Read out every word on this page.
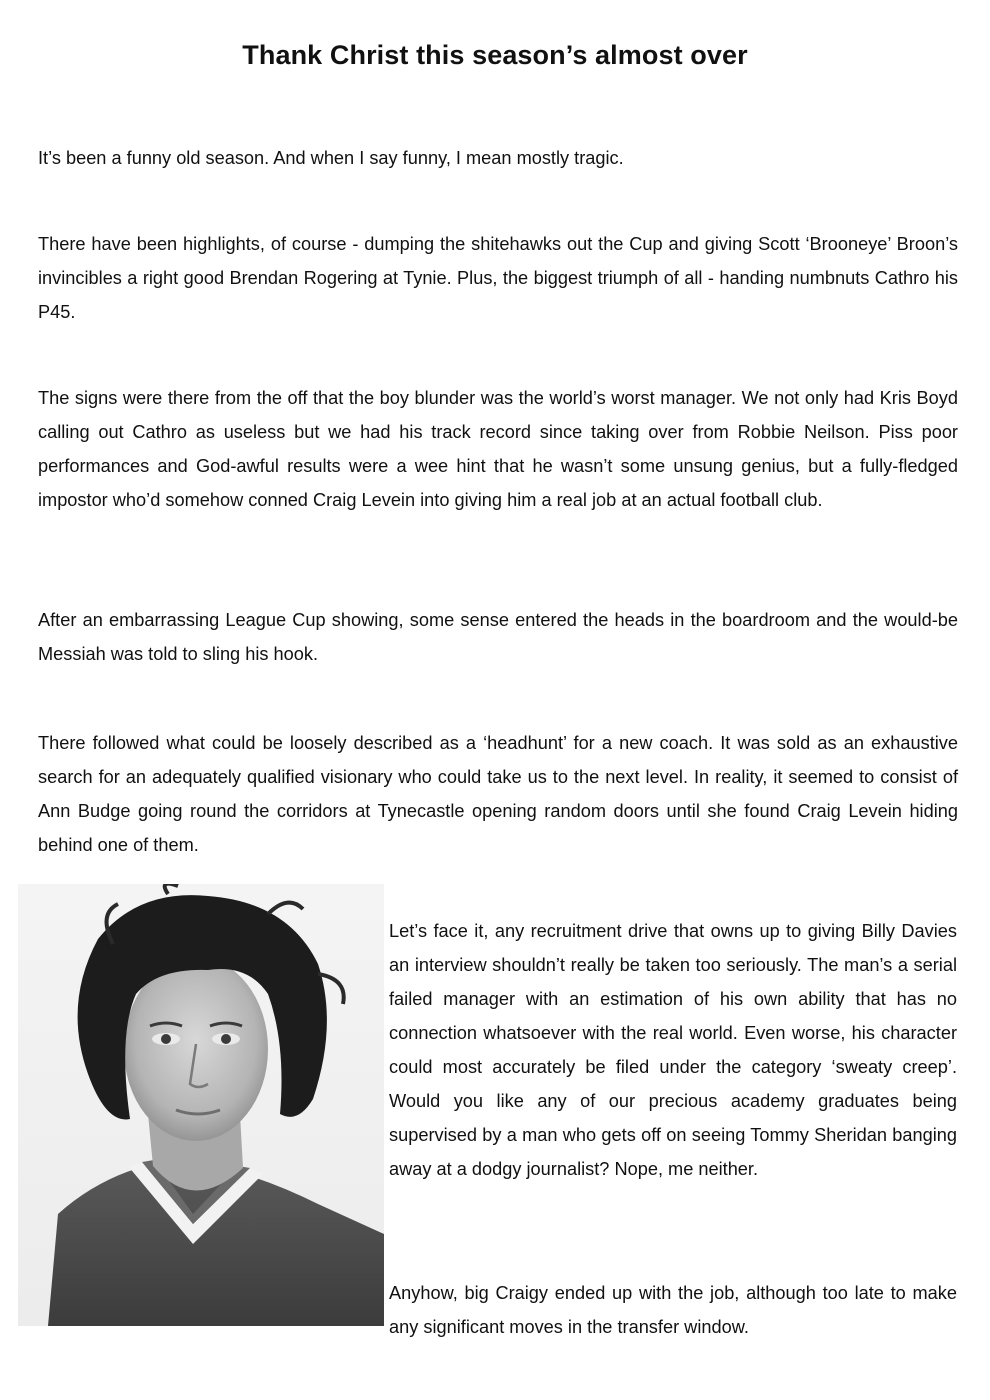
Thank Christ this season’s almost over

It’s been a funny old season. And when I say funny, I mean mostly tragic.

There have been highlights, of course - dumping the shitehawks out the Cup and giving Scott ‘Brooneye’ Broon’s invincibles a right good Brendan Rogering at Tynie. Plus, the biggest triumph of all - handing numbnuts Cathro his P45.

The signs were there from the off that the boy blunder was the world’s worst manager. We not only had Kris Boyd calling out Cathro as useless but we had his track record since taking over from Robbie Neilson. Piss poor performances and God-awful results were a wee hint that he wasn’t some unsung genius, but a fully-fledged impostor who’d somehow conned Craig Levein into giving him a real job at an actual football club.

After an embarrassing League Cup showing, some sense entered the heads in the boardroom and the would-be Messiah was told to sling his hook.

There followed what could be loosely described as a ‘headhunt’ for a new coach. It was sold as an exhaustive search for an adequately qualified visionary who could take us to the next level. In reality, it seemed to consist of Ann Budge going round the corridors at Tynecastle opening random doors until she found Craig Levein hiding behind one of them.

Let’s face it, any recruitment drive that owns up to giving Billy Davies an interview shouldn’t really be taken too seriously. The man’s a serial failed manager with an estimation of his own ability that has no connection whatsoever with the real world. Even worse, his character could most accurately be filed under the category ‘sweaty creep’. Would you like any of our precious academy graduates being supervised by a man who gets off on seeing Tommy Sheridan banging away at a dodgy journalist? Nope, me neither.

Anyhow, big Craigy ended up with the job, although too late to make any significant moves in the transfer window.
